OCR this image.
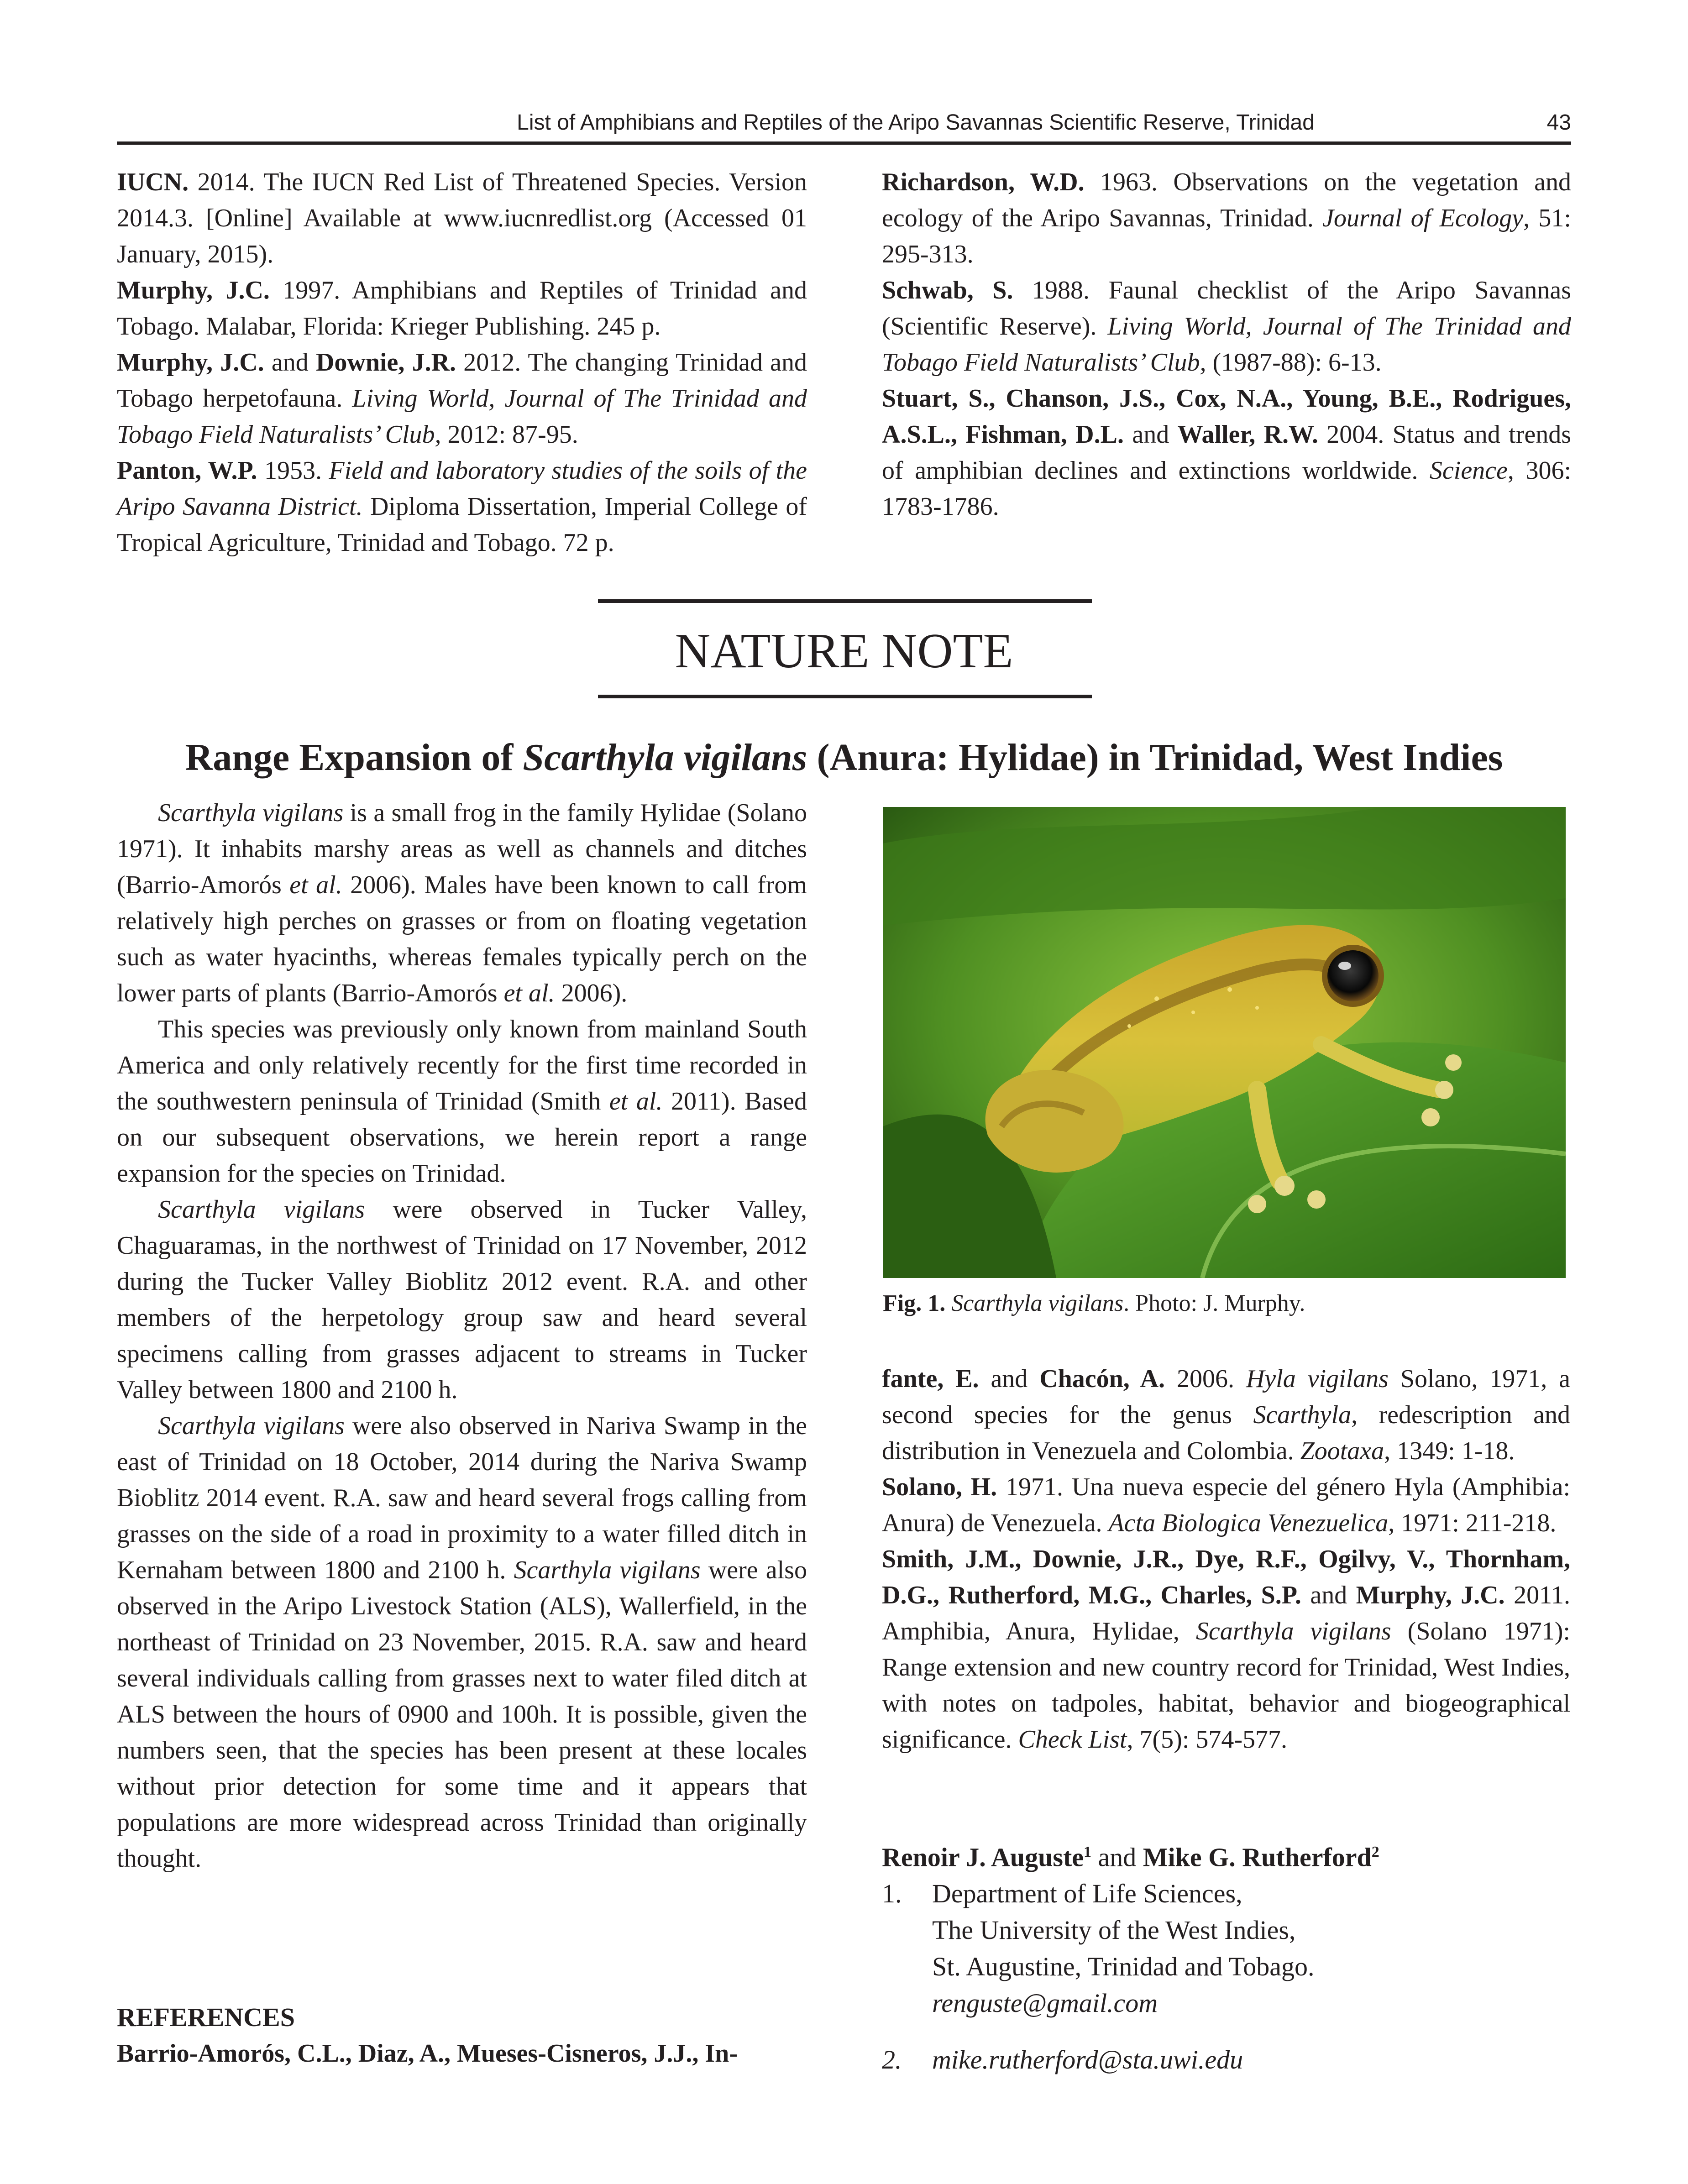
List of Amphibians and Reptiles of the Aripo Savannas Scientific Reserve, Trinidad	43

IUCN. 2014. The IUCN Red List of Threatened Species. Version 2014.3. [Online] Available at www.iucnredlist.org (Accessed 01 January, 2015).

Murphy, J.C. 1997. Amphibians and Reptiles of Trinidad and Tobago. Malabar, Florida: Krieger Publishing. 245 p.

Murphy, J.C. and Downie, J.R. 2012. The changing Trinidad and Tobago herpetofauna. Living World, Journal of The Trinidad and Tobago Field Naturalists’ Club, 2012: 87-95.

Panton, W.P. 1953. Field and laboratory studies of the soils of the Aripo Savanna District. Diploma Dissertation, Imperial College of Tropical Agriculture, Trinidad and Tobago. 72 p.

Richardson, W.D. 1963. Observations on the vegetation and ecology of the Aripo Savannas, Trinidad. Journal of Ecology, 51: 295-313.

Schwab, S. 1988. Faunal checklist of the Aripo Savannas (Scientific Reserve). Living World, Journal of The Trinidad and Tobago Field Naturalists’ Club, (1987-88): 6-13.

Stuart, S., Chanson, J.S., Cox, N.A., Young, B.E., Rodrigues, A.S.L., Fishman, D.L. and Waller, R.W. 2004. Status and trends of amphibian declines and extinctions worldwide. Science, 306: 1783-1786.

NATURE NOTE
Range Expansion of Scarthyla vigilans (Anura: Hylidae) in Trinidad, West Indies

Scarthyla vigilans is a small frog in the family Hylidae (Solano 1971). It inhabits marshy areas as well as channels and ditches (Barrio-Amorós et al. 2006). Males have been known to call from relatively high perches on grasses or from on floating vegetation such as water hyacinths, whereas females typically perch on the lower parts of plants (Barrio-Amorós et al. 2006).

This species was previously only known from mainland South America and only relatively recently for the first time recorded in the southwestern peninsula of Trinidad (Smith et al. 2011). Based on our subsequent observations, we herein report a range expansion for the species on Trinidad.

Scarthyla vigilans were observed in Tucker Valley, Chaguaramas, in the northwest of Trinidad on 17 November, 2012 during the Tucker Valley Bioblitz 2012 event. R.A. and other members of the herpetology group saw and heard several specimens calling from grasses adjacent to streams in Tucker Valley between 1800 and 2100 h.

Scarthyla vigilans were also observed in Nariva Swamp in the east of Trinidad on 18 October, 2014 during the Nariva Swamp Bioblitz 2014 event. R.A. saw and heard several frogs calling from grasses on the side of a road in proximity to a water filled ditch in Kernaham between 1800 and 2100 h. Scarthyla vigilans were also observed in the Aripo Livestock Station (ALS), Wallerfield, in the northeast of Trinidad on 23 November, 2015. R.A. saw and heard several individuals calling from grasses next to water filed ditch at ALS between the hours of 0900 and 100h. It is possible, given the numbers seen, that the species has been present at these locales without prior detection for some time and it appears that populations are more widespread across Trinidad than originally thought.

REFERENCES
Barrio-Amorós, C.L., Diaz, A., Mueses-Cisneros, J.J., In-
Fig. 1. Scarthyla vigilans. Photo: J. Murphy.

fante, E. and Chacón, A. 2006. Hyla vigilans Solano, 1971, a second species for the genus Scarthyla, redescription and distribution in Venezuela and Colombia. Zootaxa, 1349: 1-18.

Solano, H. 1971. Una nueva especie del género Hyla (Amphibia: Anura) de Venezuela. Acta Biologica Venezuelica, 1971: 211-218.

Smith, J.M., Downie, J.R., Dye, R.F., Ogilvy, V., Thornham, D.G., Rutherford, M.G., Charles, S.P. and Murphy, J.C. 2011. Amphibia, Anura, Hylidae, Scarthyla vigilans (Solano 1971): Range extension and new country record for Trinidad, West Indies, with notes on tadpoles, habitat, behavior and biogeographical significance. Check List, 7(5): 574-577.

Renoir J. Auguste$^1$ and Mike G. Rutherford$^2$
1. Department of Life Sciences,
The University of the West Indies,
St. Augustine, Trinidad and Tobago.
renguste@gmail.com
2. mike.rutherford@sta.uwi.edu
